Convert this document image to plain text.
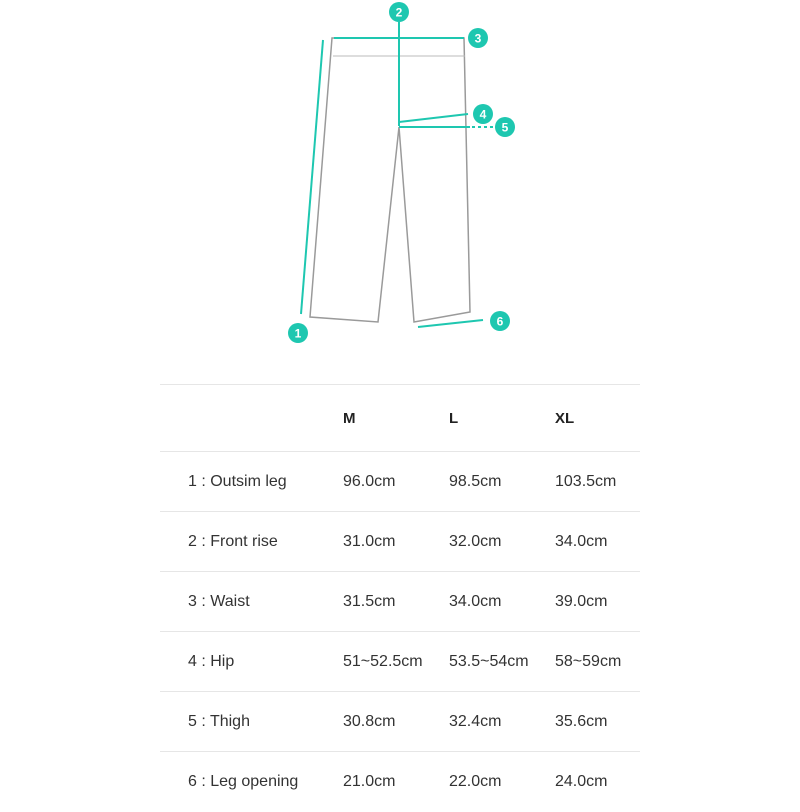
1
2
3
4
5
6
	M	L	XL
1 : Outsim leg	96.0cm	98.5cm	103.5cm
2 : Front rise	31.0cm	32.0cm	34.0cm
3 : Waist	31.5cm	34.0cm	39.0cm
4 : Hip	51~52.5cm	53.5~54cm	58~59cm
5 : Thigh	30.8cm	32.4cm	35.6cm
6 : Leg opening	21.0cm	22.0cm	24.0cm
